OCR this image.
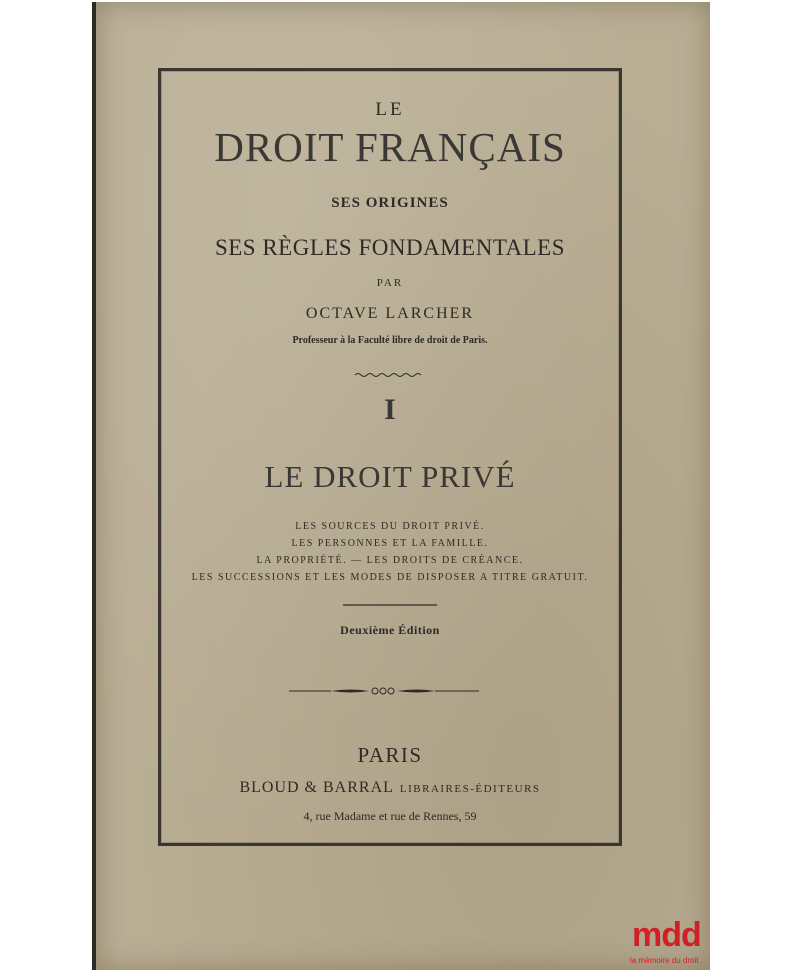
LE
DROIT FRANÇAIS
SES ORIGINES
SES RÈGLES FONDAMENTALES
PAR
OCTAVE LARCHER
Professeur à la Faculté libre de droit de Paris.
I
LE DROIT PRIVÉ
LES SOURCES DU DROIT PRIVÉ.
LES PERSONNES ET LA FAMILLE.
LA PROPRIÉTÉ. — LES DROITS DE CRÉANCE.
LES SUCCESSIONS ET LES MODES DE DISPOSER A TITRE GRATUIT.
Deuxième Édition
PARIS
BLOUD & BARRAL LIBRAIRES-ÉDITEURS
4, rue Madame et rue de Rennes, 59
mdd
la mémoire du droit
